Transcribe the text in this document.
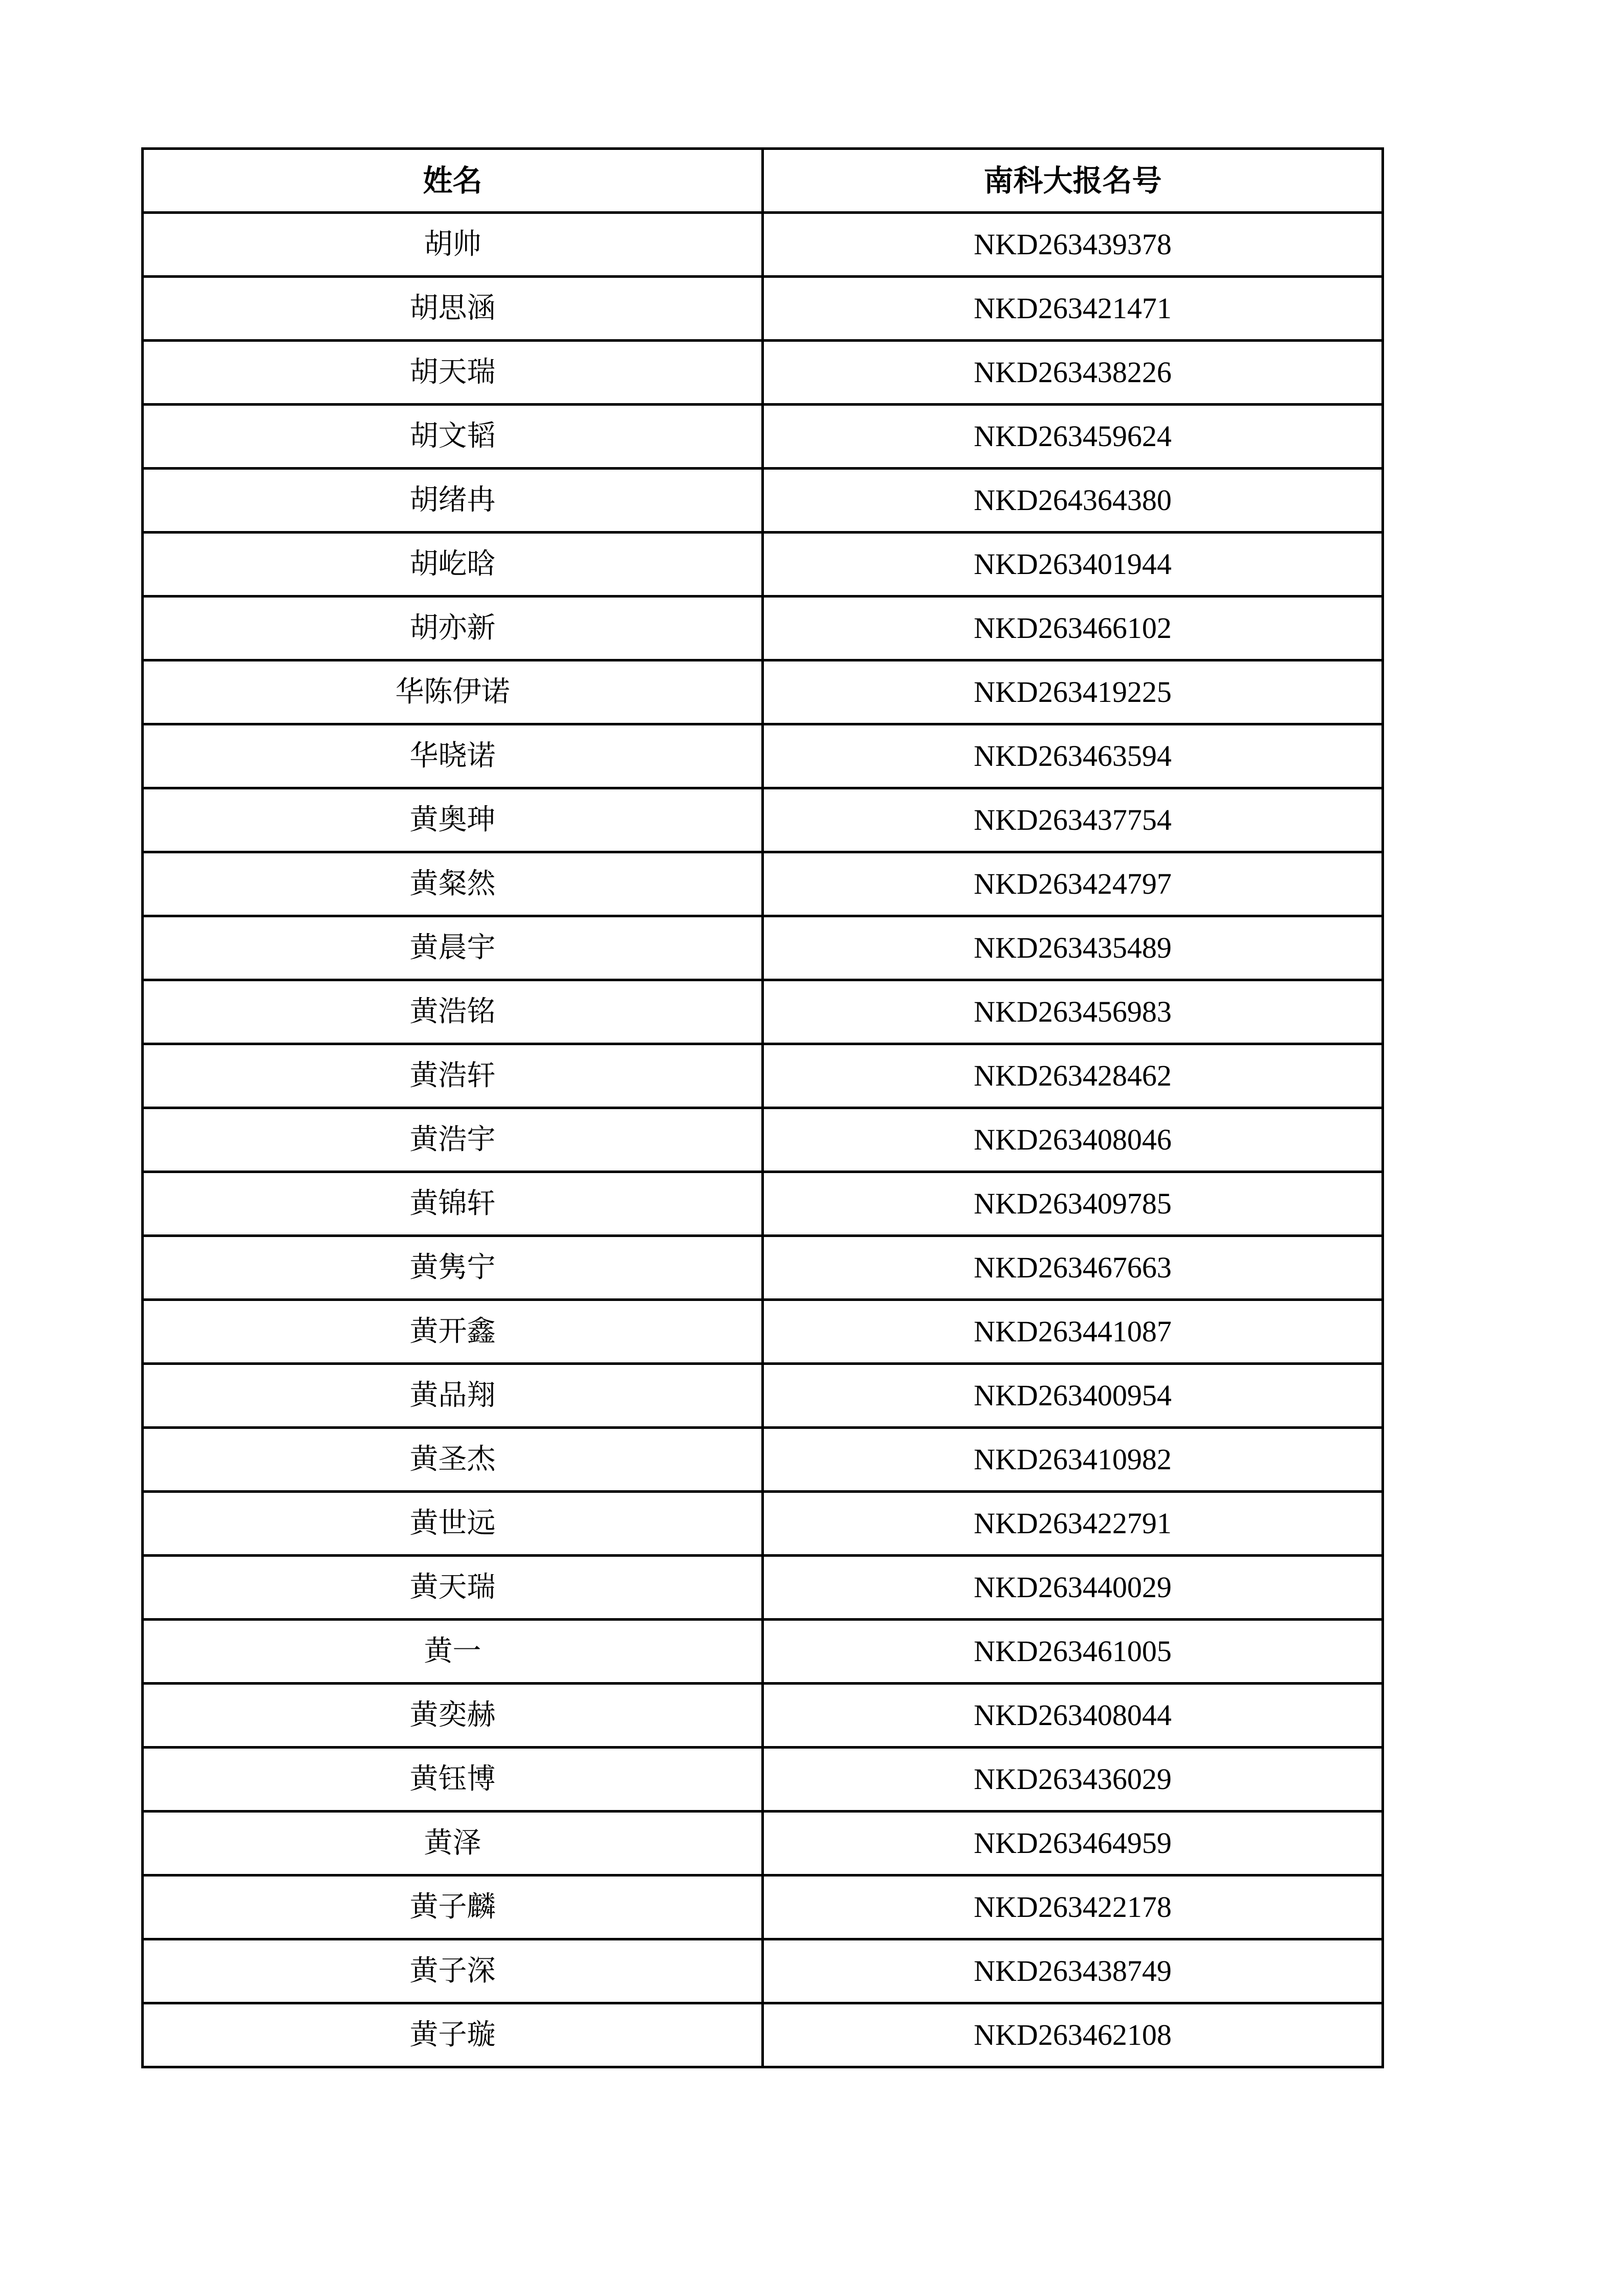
姓名	南科大报名号
胡帅	NKD263439378
胡思涵	NKD263421471
胡天瑞	NKD263438226
胡文韬	NKD263459624
胡绪冉	NKD264364380
胡屹晗	NKD263401944
胡亦新	NKD263466102
华陈伊诺	NKD263419225
华晓诺	NKD263463594
黄奥珅	NKD263437754
黄粲然	NKD263424797
黄晨宇	NKD263435489
黄浩铭	NKD263456983
黄浩轩	NKD263428462
黄浩宇	NKD263408046
黄锦轩	NKD263409785
黄隽宁	NKD263467663
黄开鑫	NKD263441087
黄品翔	NKD263400954
黄圣杰	NKD263410982
黄世远	NKD263422791
黄天瑞	NKD263440029
黄一	NKD263461005
黄奕赫	NKD263408044
黄钰博	NKD263436029
黄泽	NKD263464959
黄子麟	NKD263422178
黄子深	NKD263438749
黄子璇	NKD263462108
